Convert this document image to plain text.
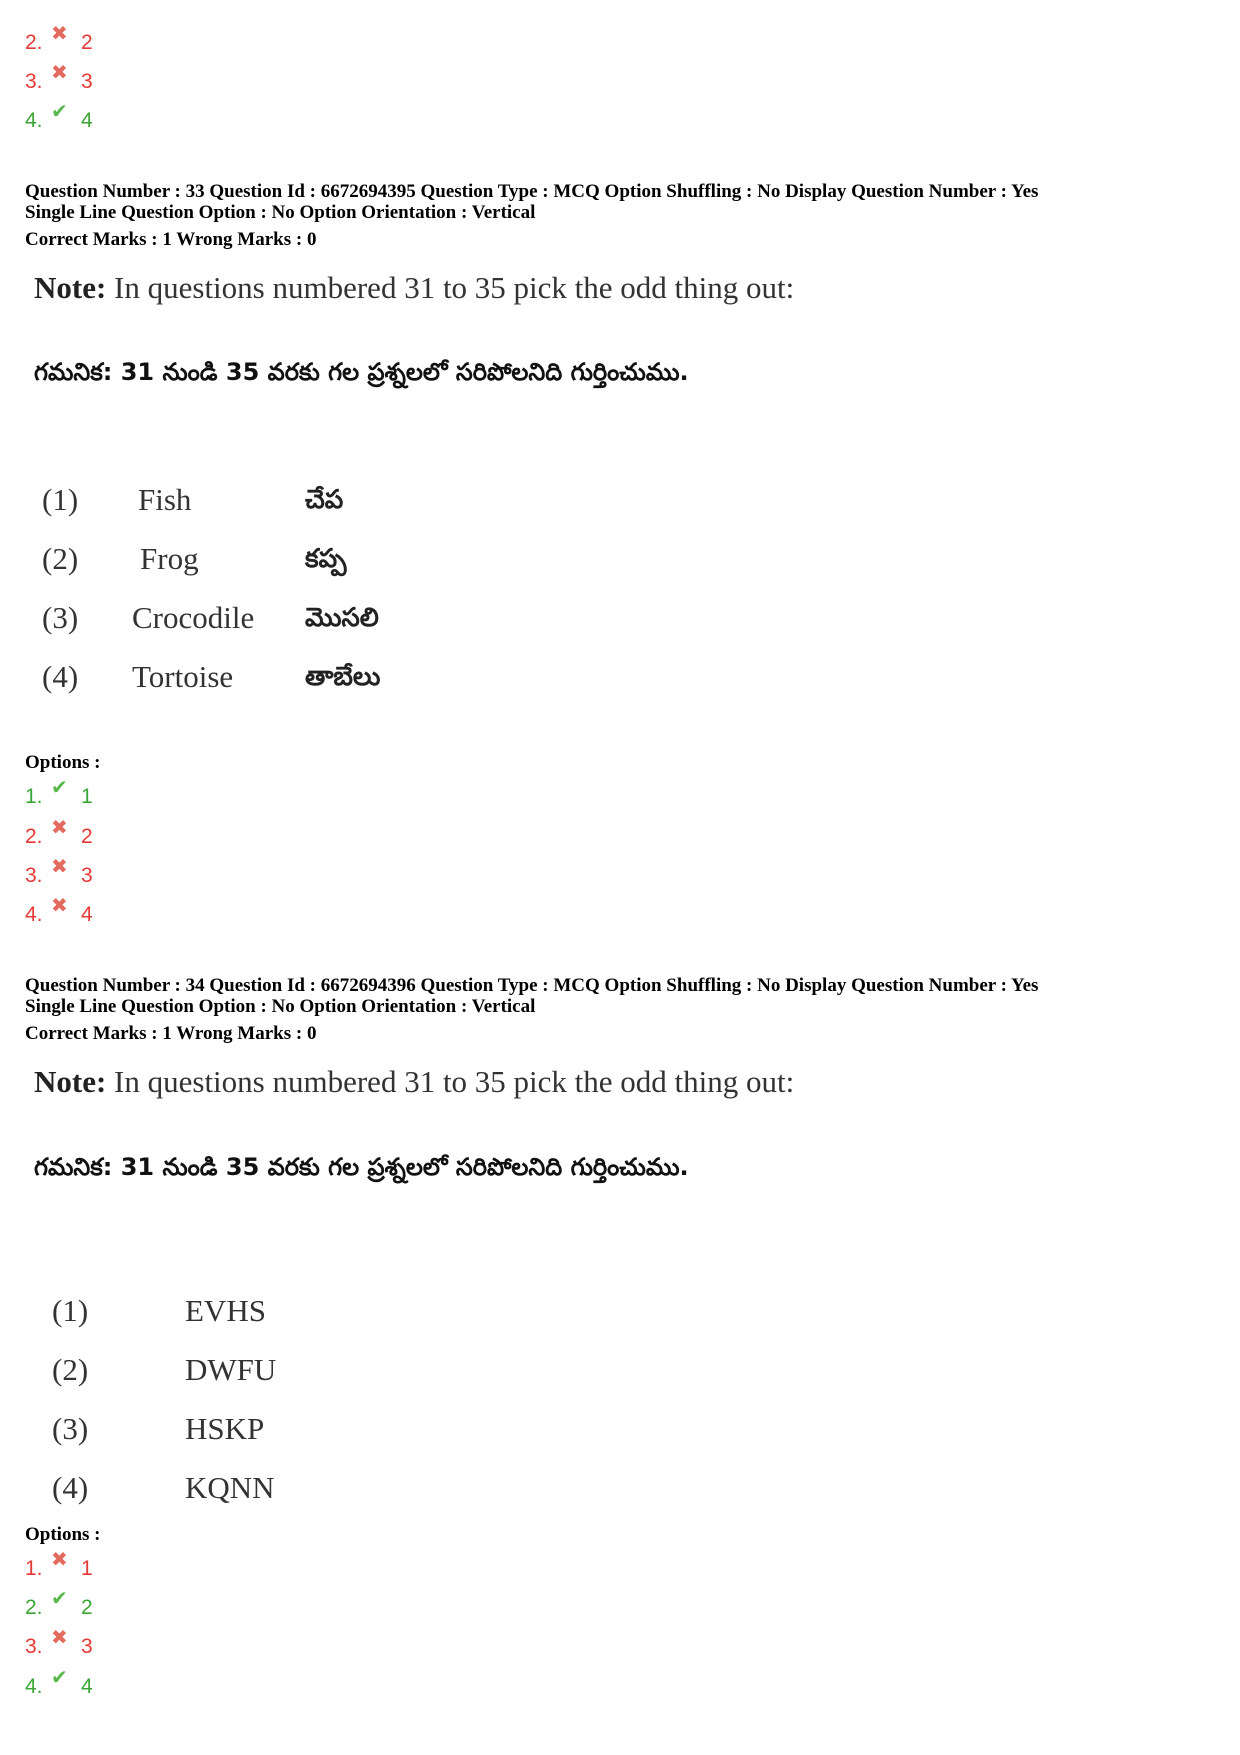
2. ✖ 2
3. ✖ 3
4. ✔ 4
Question Number : 33 Question Id : 6672694395 Question Type : MCQ Option Shuffling : No Display Question Number : Yes
Single Line Question Option : No Option Orientation : Vertical
Correct Marks : 1 Wrong Marks : 0
Note: In questions numbered 31 to 35 pick the odd thing out:
గమనిక: 31 నుండి 35 వరకు గల ప్రశ్నలలో సరిపోలనిది గుర్తించుము.
(1) Fish	చేప
(2) Frog	కప్ప
(3) Crocodile మొసలి
(4) Tortoise	తాబేలు
Options :
1. ✔ 1
2. ✖ 2
3. ✖ 3
4. ✖ 4
Question Number : 34 Question Id : 6672694396 Question Type : MCQ Option Shuffling : No Display Question Number : Yes
Single Line Question Option : No Option Orientation : Vertical
Correct Marks : 1 Wrong Marks : 0
Note: In questions numbered 31 to 35 pick the odd thing out:
గమనిక: 31 నుండి 35 వరకు గల ప్రశ్నలలో సరిపోలనిది గుర్తించుము.
(1)	EVHS
(2)	DWFU
(3)	HSKP
(4)	KQNN
Options :
1. ✖ 1
2. ✔ 2
3. ✖ 3
4. ✔ 4
